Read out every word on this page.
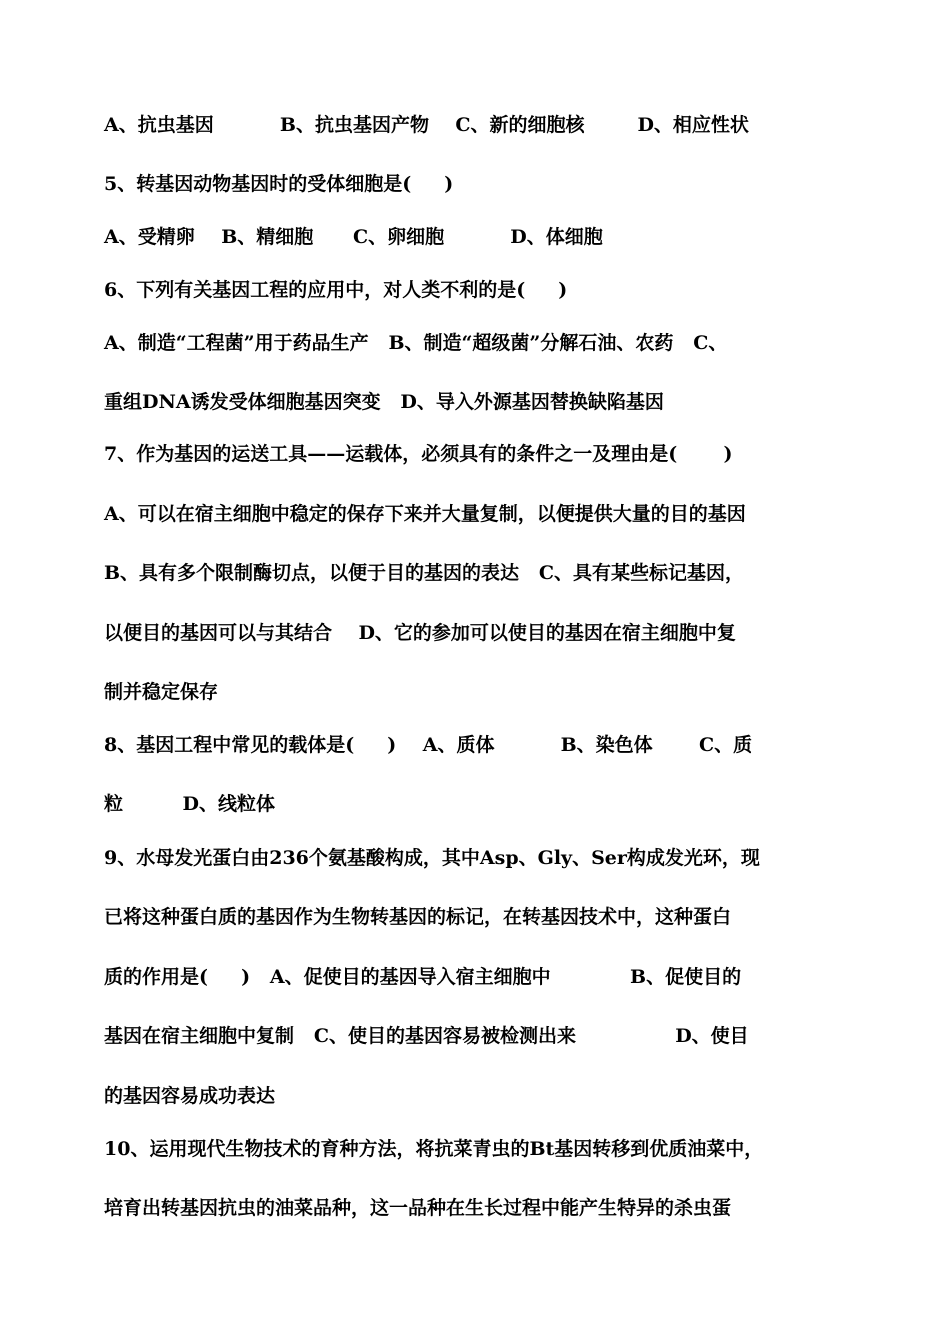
A、抗虫基因          B、抗虫基因产物    C、新的细胞核        D、相应性状
5、转基因动物基因时的受体细胞是(     )
A、受精卵    B、精细胞      C、卵细胞          D、体细胞
6、下列有关基因工程的应用中，对人类不利的是(     )
A、制造“工程菌”用于药品生产   B、制造“超级菌”分解石油、农药   C、
重组DNA诱发受体细胞基因突变   D、导入外源基因替换缺陷基因
7、作为基因的运送工具——运载体，必须具有的条件之一及理由是(       )
A、可以在宿主细胞中稳定的保存下来并大量复制，以便提供大量的目的基因
B、具有多个限制酶切点，以便于目的基因的表达   C、具有某些标记基因，
以便目的基因可以与其结合    D、它的参加可以使目的基因在宿主细胞中复
制并稳定保存
8、基因工程中常见的载体是(     )    A、质体          B、染色体       C、质
粒         D、线粒体
9、水母发光蛋白由236个氨基酸构成，其中Asp、Gly、Ser构成发光环，现
已将这种蛋白质的基因作为生物转基因的标记，在转基因技术中，这种蛋白
质的作用是(     )   A、促使目的基因导入宿主细胞中            B、促使目的
基因在宿主细胞中复制   C、使目的基因容易被检测出来               D、使目
的基因容易成功表达
10、运用现代生物技术的育种方法，将抗菜青虫的Bt基因转移到优质油菜中，
培育出转基因抗虫的油菜品种，这一品种在生长过程中能产生特异的杀虫蛋
